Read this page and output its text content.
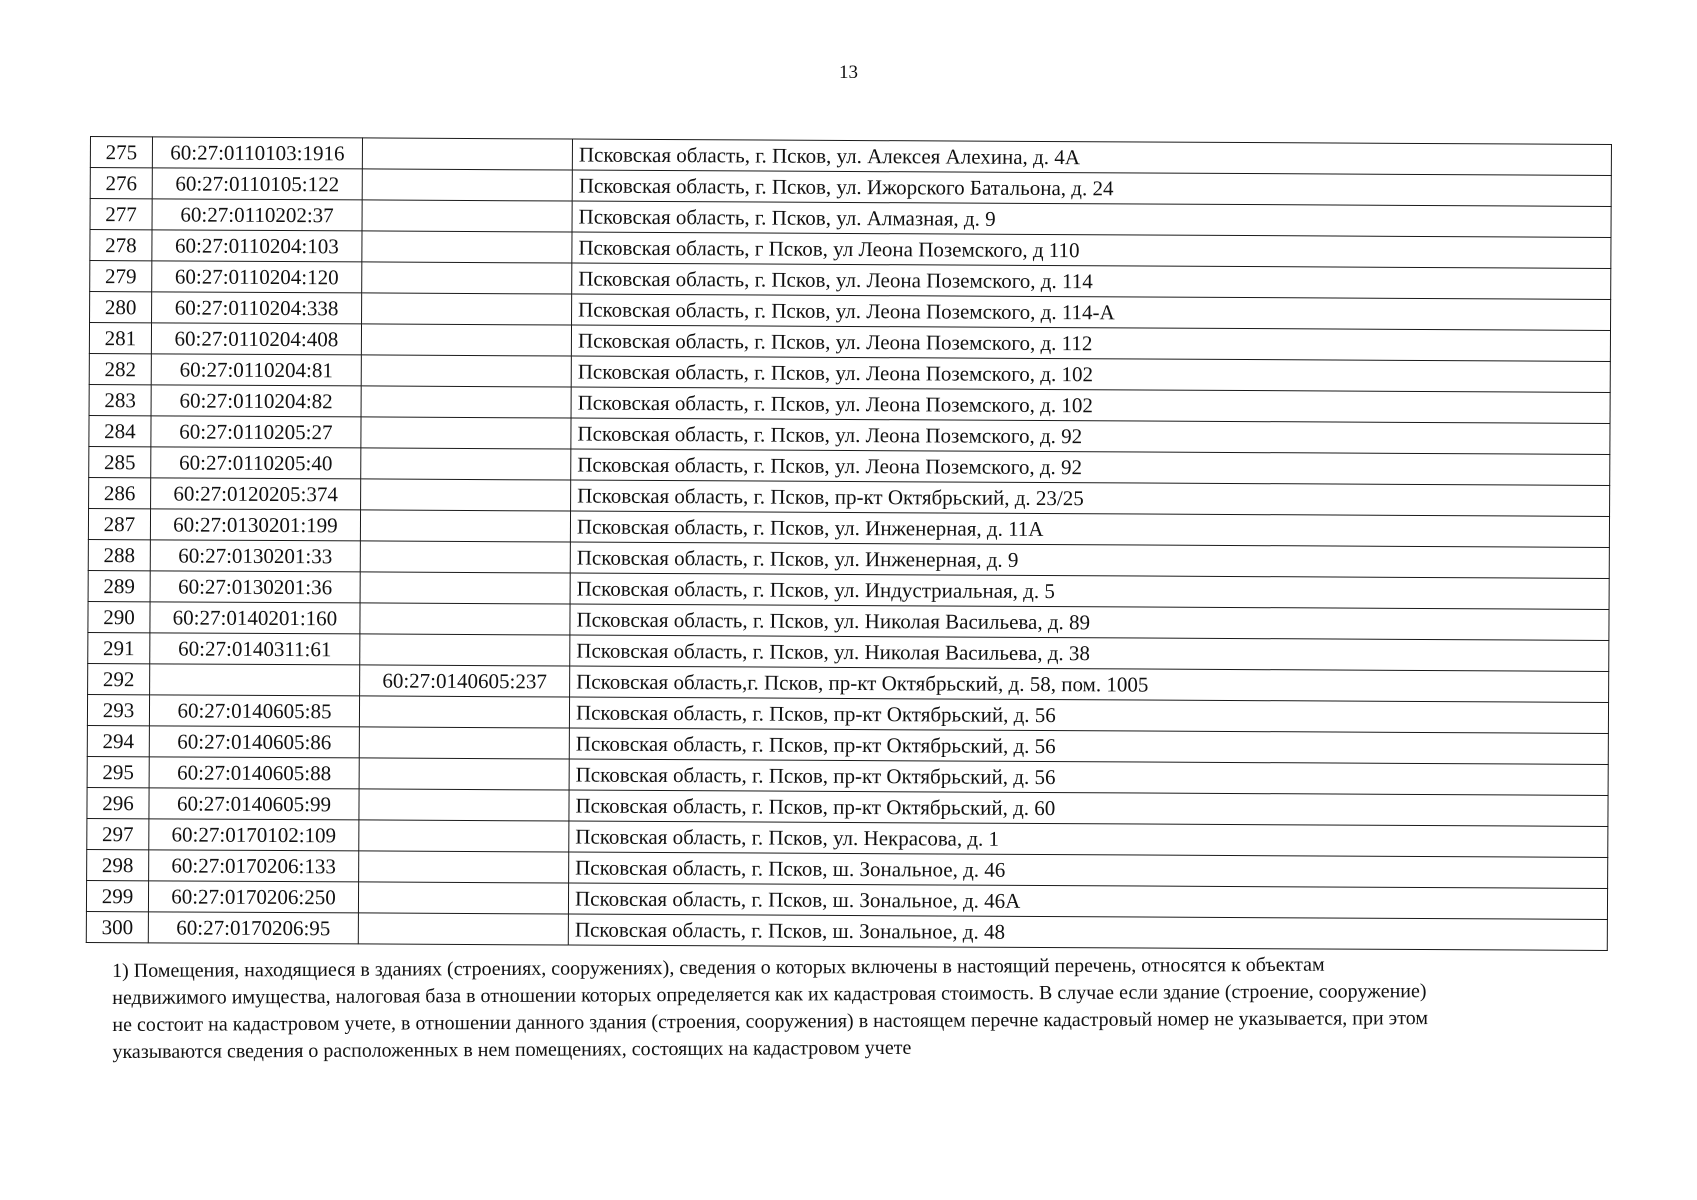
13
275	60:27:0110103:1916		Псковская область, г. Псков, ул. Алексея Алехина, д. 4А
276	60:27:0110105:122		Псковская область, г. Псков, ул. Ижорского Батальона, д. 24
277	60:27:0110202:37		Псковская область, г. Псков, ул. Алмазная, д. 9
278	60:27:0110204:103		Псковская область, г Псков, ул Леона Поземского, д 110
279	60:27:0110204:120		Псковская область, г. Псков, ул. Леона Поземского, д. 114
280	60:27:0110204:338		Псковская область, г. Псков, ул. Леона Поземского, д. 114-А
281	60:27:0110204:408		Псковская область, г. Псков, ул. Леона Поземского, д. 112
282	60:27:0110204:81		Псковская область, г. Псков, ул. Леона Поземского, д. 102
283	60:27:0110204:82		Псковская область, г. Псков, ул. Леона Поземского, д. 102
284	60:27:0110205:27		Псковская область, г. Псков, ул. Леона Поземского, д. 92
285	60:27:0110205:40		Псковская область, г. Псков, ул. Леона Поземского, д. 92
286	60:27:0120205:374		Псковская область, г. Псков, пр-кт Октябрьский, д. 23/25
287	60:27:0130201:199		Псковская область, г. Псков, ул. Инженерная, д. 11А
288	60:27:0130201:33		Псковская область, г. Псков, ул. Инженерная, д. 9
289	60:27:0130201:36		Псковская область, г. Псков, ул. Индустриальная, д. 5
290	60:27:0140201:160		Псковская область, г. Псков, ул. Николая Васильева, д. 89
291	60:27:0140311:61		Псковская область, г. Псков, ул. Николая Васильева, д. 38
292		60:27:0140605:237	Псковская область,г. Псков, пр-кт Октябрьский, д. 58, пом. 1005
293	60:27:0140605:85		Псковская область, г. Псков, пр-кт Октябрьский, д. 56
294	60:27:0140605:86		Псковская область, г. Псков, пр-кт Октябрьский, д. 56
295	60:27:0140605:88		Псковская область, г. Псков, пр-кт Октябрьский, д. 56
296	60:27:0140605:99		Псковская область, г. Псков, пр-кт Октябрьский, д. 60
297	60:27:0170102:109		Псковская область, г. Псков, ул. Некрасова, д. 1
298	60:27:0170206:133		Псковская область, г. Псков, ш. Зональное, д. 46
299	60:27:0170206:250		Псковская область, г. Псков, ш. Зональное, д. 46А
300	60:27:0170206:95		Псковская область, г. Псков, ш. Зональное, д. 48
1) Помещения, находящиеся в зданиях (строениях, сооружениях), сведения о которых включены в настоящий перечень, относятся к объектам
недвижимого имущества, налоговая база в отношении которых определяется как их кадастровая стоимость. В случае если здание (строение, сооружение)
не состоит на кадастровом учете, в отношении данного здания (строения, сооружения) в настоящем перечне кадастровый номер не указывается, при этом
указываются сведения о расположенных в нем помещениях, состоящих на кадастровом учете
